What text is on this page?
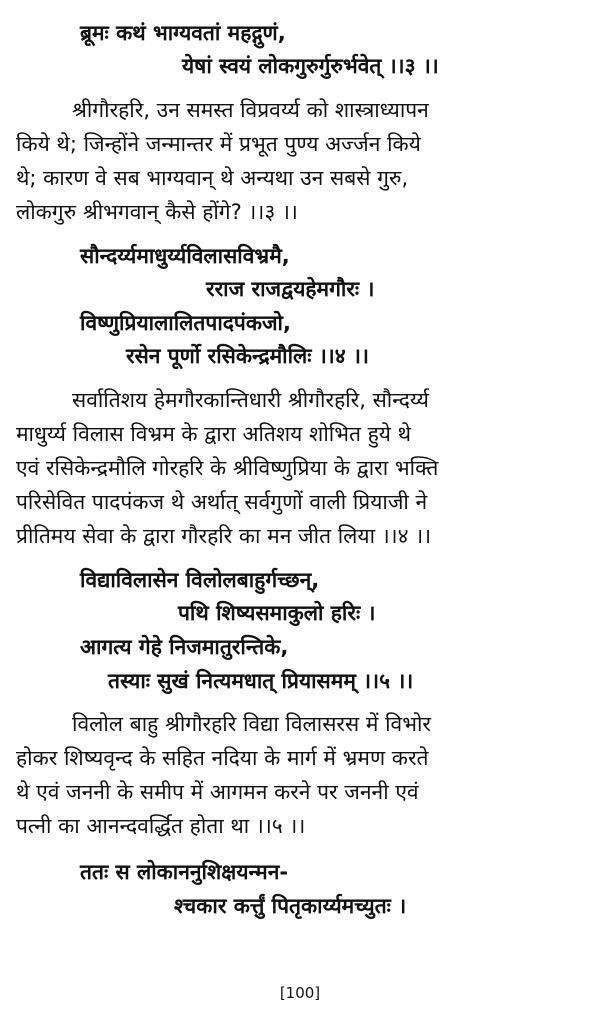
ब्रूमः कथं भाग्यवतां महद्गुणं,
येषां स्वयं लोकगुरुर्गुरुर्भवेत् ।।३ ।।
श्रीगौरहरि, उन समस्त विप्रवर्य्य को शास्त्राध्यापन
किये थे; जिन्होंने जन्मान्तर में प्रभूत पुण्य अर्ज्जन किये
थे; कारण वे सब भाग्यवान् थे अन्यथा उन सबसे गुरु,
लोकगुरु श्रीभगवान् कैसे होंगे? ।।३ ।।
सौन्दर्य्यमाधुर्य्यविलासविभ्रमै,
रराज राजद्वयहेमगौरः ।
विष्णुप्रियालालितपादपंकजो,
रसेन पूर्णो रसिकेन्द्रमौलिः ।।४ ।।
सर्वातिशय हेमगौरकान्तिधारी श्रीगौरहरि, सौन्दर्य्य
माधुर्य्य विलास विभ्रम के द्वारा अतिशय शोभित हुये थे
एवं रसिकेन्द्रमौलि गोरहरि के श्रीविष्णुप्रिया के द्वारा भक्ति
परिसेवित पादपंकज थे अर्थात् सर्वगुणों वाली प्रियाजी ने
प्रीतिमय सेवा के द्वारा गौरहरि का मन जीत लिया ।।४ ।।
विद्याविलासेन विलोलबाहुर्गच्छन्,
पथि शिष्यसमाकुलो हरिः ।
आगत्य गेहे निजमातुरन्तिके,
तस्याः सुखं नित्यमधात् प्रियासमम् ।।५ ।।
विलोल बाहु श्रीगौरहरि विद्या विलासरस में विभोर
होकर शिष्यवृन्द के सहित नदिया के मार्ग में भ्रमण करते
थे एवं जननी के समीप में आगमन करने पर जननी एवं
पत्नी का आनन्दवर्द्धित होता था ।।५ ।।
ततः स लोकाननुशिक्षयन्मन-
श्चकार कर्त्तुं पितृकार्य्यमच्युतः ।
[100]
